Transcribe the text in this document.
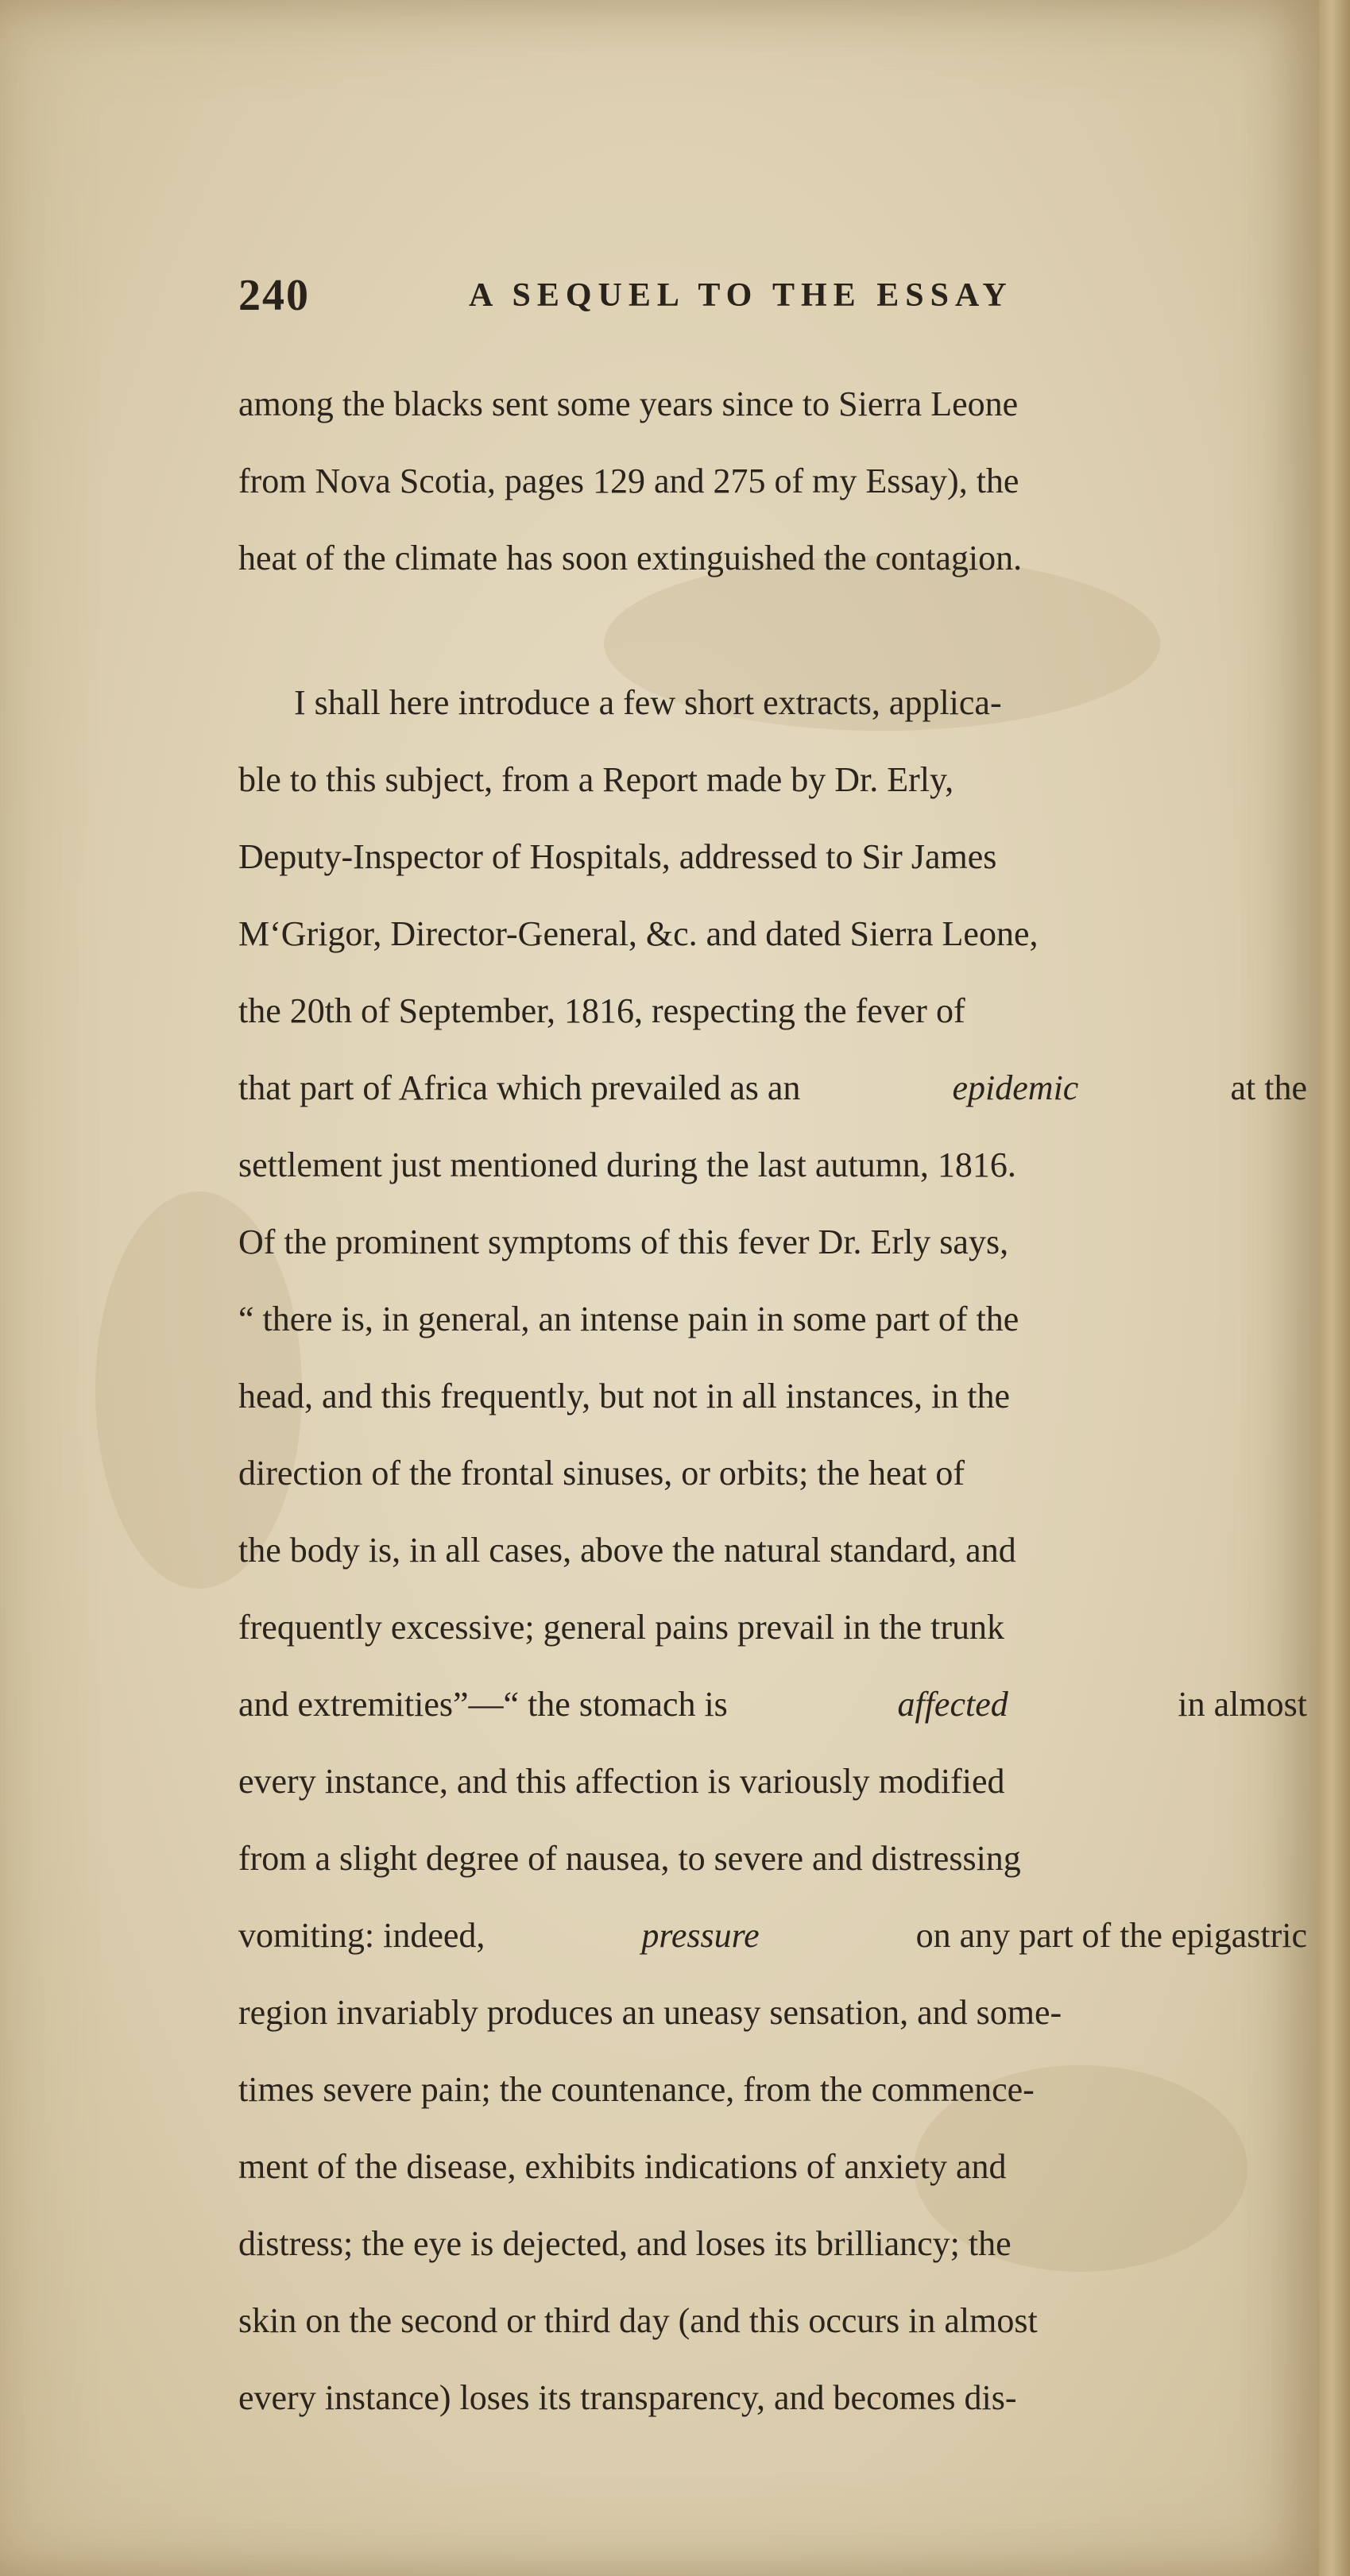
240	A SEQUEL TO THE ESSAY
among the blacks sent some years since to Sierra Leone
from Nova Scotia, pages 129 and 275 of my Essay), the
heat of the climate has soon extinguished the contagion.
I shall here introduce a few short extracts, applica-
ble to this subject, from a Report made by Dr. Erly,
Deputy-Inspector of Hospitals, addressed to Sir James
M‘Grigor, Director-General, &c. and dated Sierra Leone,
the 20th of September, 1816, respecting the fever of
that part of Africa which prevailed as an	epidemic	at the
settlement just mentioned during the last autumn, 1816.
Of the prominent symptoms of this fever Dr. Erly says,
“ there is, in general, an intense pain in some part of the
head, and this frequently, but not in all instances, in the
direction of the frontal sinuses, or orbits; the heat of
the body is, in all cases, above the natural standard, and
frequently excessive; general pains prevail in the trunk
and extremities”—“ the stomach is	affected	in almost
every instance, and this affection is variously modified
from a slight degree of nausea, to severe and distressing
vomiting: indeed,	pressure	on any part of the epigastric
region invariably produces an uneasy sensation, and some-
times severe pain; the countenance, from the commence-
ment of the disease, exhibits indications of anxiety and
distress; the eye is dejected, and loses its brilliancy; the
skin on the second or third day (and this occurs in almost
every instance) loses its transparency, and becomes dis-
